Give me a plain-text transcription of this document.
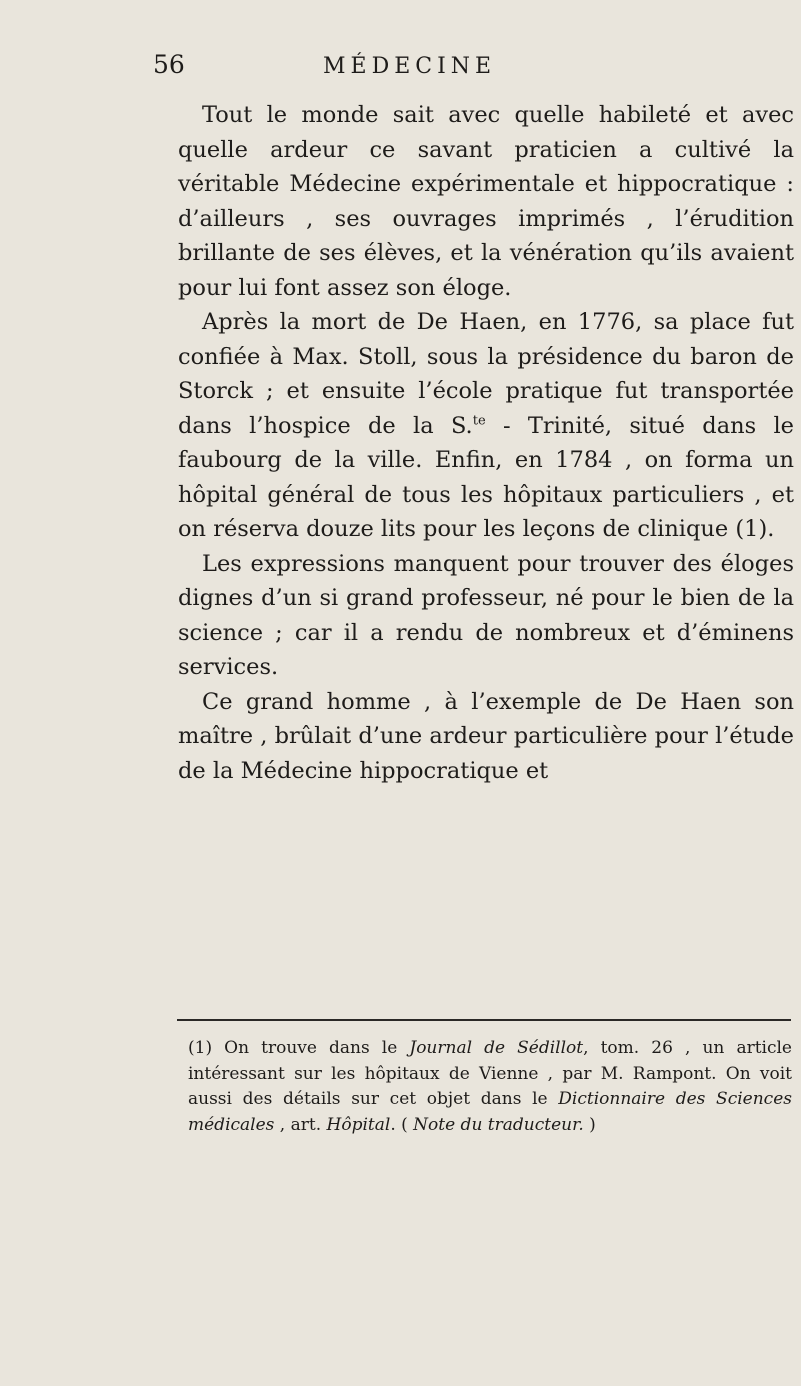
56	MÉDECINE

Tout le monde sait avec quelle habileté et avec quelle ardeur ce savant praticien a cultivé la véritable Médecine expérimentale et hippocratique : d’ailleurs , ses ouvrages imprimés , l’érudition brillante de ses élèves, et la vénération qu’ils avaient pour lui font assez son éloge.

Après la mort de De Haen, en 1776, sa place fut confiée à Max. Stoll, sous la présidence du baron de Storck ; et ensuite l’école pratique fut transportée dans l’hospice de la S.$^{te}$ - Trinité, situé dans le faubourg de la ville. Enfin, en 1784 , on forma un hôpital général de tous les hôpitaux particuliers , et on réserva douze lits pour les leçons de clinique (1).

Les expressions manquent pour trouver des éloges dignes d’un si grand professeur, né pour le bien de la science ; car il a rendu de nombreux et d’éminens services.

Ce grand homme , à l’exemple de De Haen son maître , brûlait d’une ardeur particulière pour l’étude de la Médecine hippocratique et

(1) On trouve dans le Journal de Sédillot, tom. 26 , un article intéressant sur les hôpitaux de Vienne , par M. Rampont. On voit aussi des détails sur cet objet dans le Dictionnaire des Sciences médicales , art. Hôpital. ( Note du traducteur. )
